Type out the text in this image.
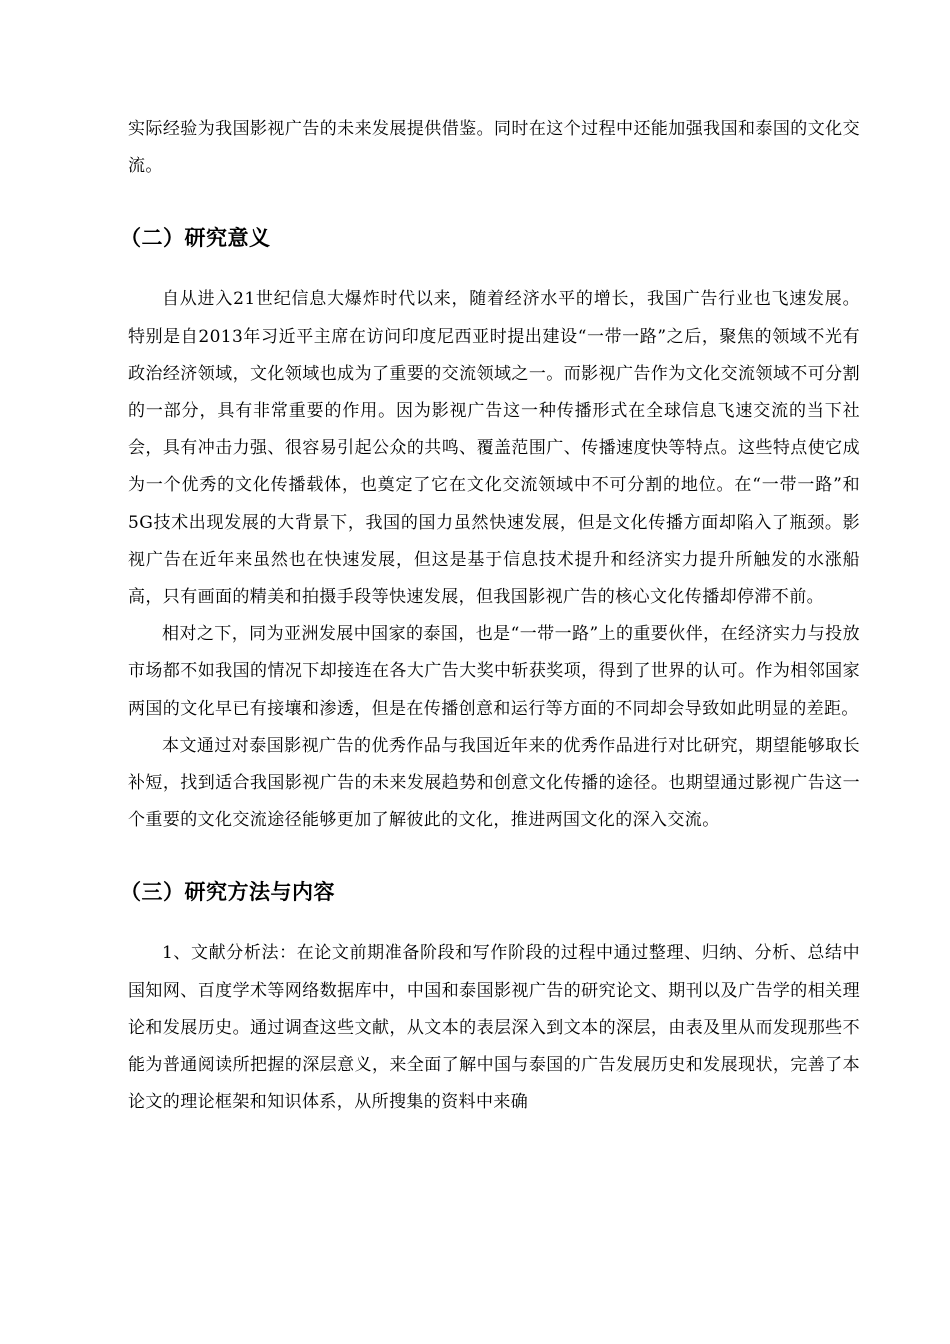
实际经验为我国影视广告的未来发展提供借鉴。同时在这个过程中还能加强我国和泰国的文化交流。

（二）研究意义

自从进入21世纪信息大爆炸时代以来，随着经济水平的增长，我国广告行业也飞速发展。特别是自2013年习近平主席在访问印度尼西亚时提出建设“一带一路”之后，聚焦的领域不光有政治经济领域，文化领域也成为了重要的交流领域之一。而影视广告作为文化交流领域不可分割的一部分，具有非常重要的作用。因为影视广告这一种传播形式在全球信息飞速交流的当下社会，具有冲击力强、很容易引起公众的共鸣、覆盖范围广、传播速度快等特点。这些特点使它成为一个优秀的文化传播载体，也奠定了它在文化交流领域中不可分割的地位。在“一带一路”和5G技术出现发展的大背景下，我国的国力虽然快速发展，但是文化传播方面却陷入了瓶颈。影视广告在近年来虽然也在快速发展，但这是基于信息技术提升和经济实力提升所触发的水涨船高，只有画面的精美和拍摄手段等快速发展，但我国影视广告的核心文化传播却停滞不前。

相对之下，同为亚洲发展中国家的泰国，也是“一带一路”上的重要伙伴，在经济实力与投放市场都不如我国的情况下却接连在各大广告大奖中斩获奖项，得到了世界的认可。作为相邻国家两国的文化早已有接壤和渗透，但是在传播创意和运行等方面的不同却会导致如此明显的差距。

本文通过对泰国影视广告的优秀作品与我国近年来的优秀作品进行对比研究，期望能够取长补短，找到适合我国影视广告的未来发展趋势和创意文化传播的途径。也期望通过影视广告这一个重要的文化交流途径能够更加了解彼此的文化，推进两国文化的深入交流。

（三）研究方法与内容

1、文献分析法：在论文前期准备阶段和写作阶段的过程中通过整理、归纳、分析、总结中国知网、百度学术等网络数据库中，中国和泰国影视广告的研究论文、期刊以及广告学的相关理论和发展历史。通过调查这些文献，从文本的表层深入到文本的深层，由表及里从而发现那些不能为普通阅读所把握的深层意义，来全面了解中国与泰国的广告发展历史和发展现状，完善了本论文的理论框架和知识体系，从所搜集的资料中来确
